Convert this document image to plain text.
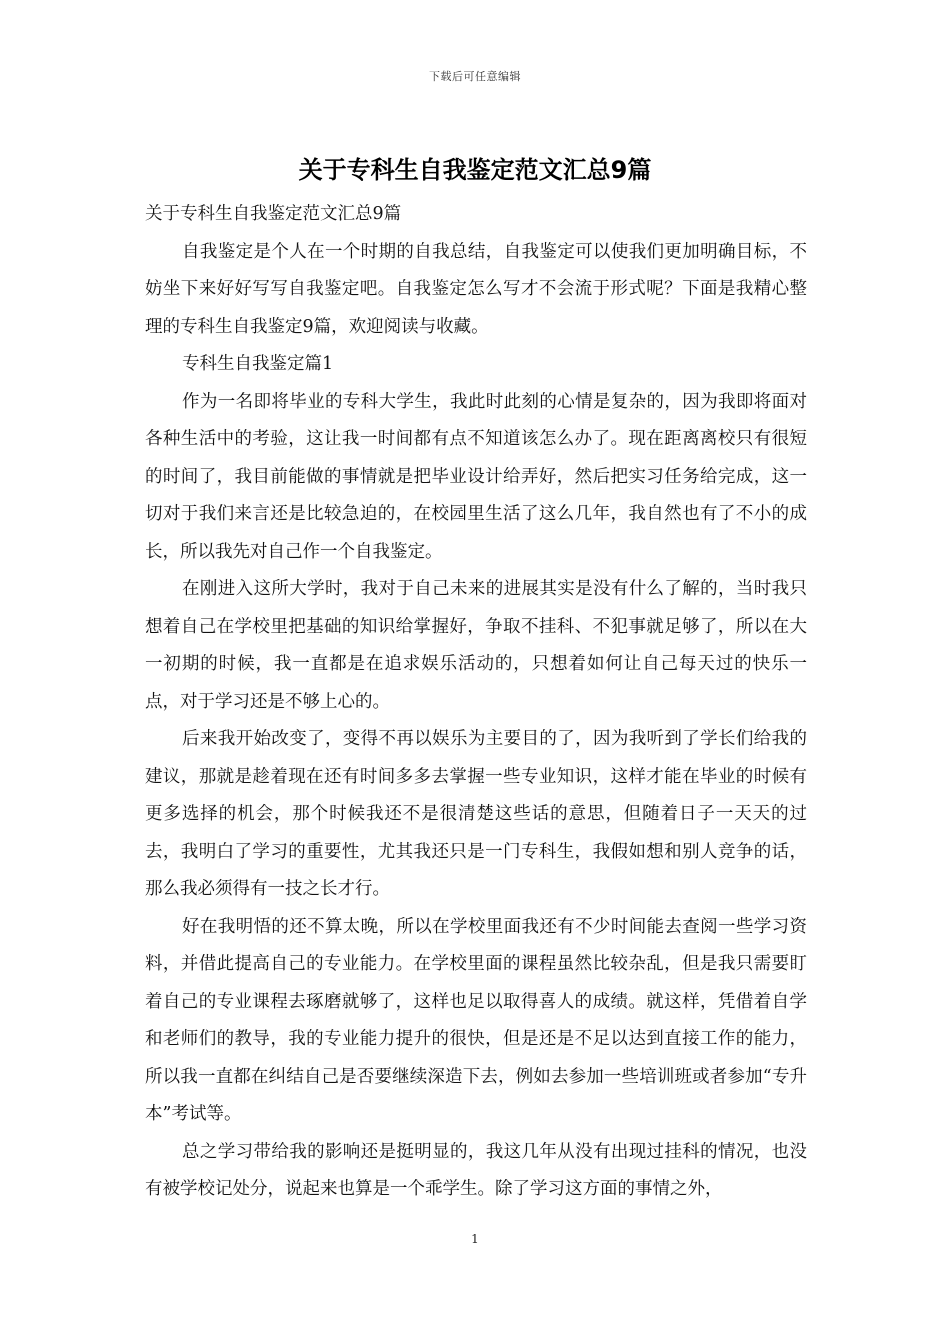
下载后可任意编辑
关于专科生自我鉴定范文汇总9篇

关于专科生自我鉴定范文汇总9篇

自我鉴定是个人在一个时期的自我总结，自我鉴定可以使我们更加明确目标，不妨坐下来好好写写自我鉴定吧。自我鉴定怎么写才不会流于形式呢？下面是我精心整理的专科生自我鉴定9篇，欢迎阅读与收藏。

专科生自我鉴定篇1

作为一名即将毕业的专科大学生，我此时此刻的心情是复杂的，因为我即将面对各种生活中的考验，这让我一时间都有点不知道该怎么办了。现在距离离校只有很短的时间了，我目前能做的事情就是把毕业设计给弄好，然后把实习任务给完成，这一切对于我们来言还是比较急迫的，在校园里生活了这么几年，我自然也有了不小的成长，所以我先对自己作一个自我鉴定。

在刚进入这所大学时，我对于自己未来的进展其实是没有什么了解的，当时我只想着自己在学校里把基础的知识给掌握好，争取不挂科、不犯事就足够了，所以在大一初期的时候，我一直都是在追求娱乐活动的，只想着如何让自己每天过的快乐一点，对于学习还是不够上心的。

后来我开始改变了，变得不再以娱乐为主要目的了，因为我听到了学长们给我的建议，那就是趁着现在还有时间多多去掌握一些专业知识，这样才能在毕业的时候有更多选择的机会，那个时候我还不是很清楚这些话的意思，但随着日子一天天的过去，我明白了学习的重要性，尤其我还只是一门专科生，我假如想和别人竞争的话，那么我必须得有一技之长才行。

好在我明悟的还不算太晚，所以在学校里面我还有不少时间能去查阅一些学习资料，并借此提高自己的专业能力。在学校里面的课程虽然比较杂乱，但是我只需要盯着自己的专业课程去琢磨就够了，这样也足以取得喜人的成绩。就这样，凭借着自学和老师们的教导，我的专业能力提升的很快，但是还是不足以达到直接工作的能力，所以我一直都在纠结自己是否要继续深造下去，例如去参加一些培训班或者参加“专升本”考试等。

总之学习带给我的影响还是挺明显的，我这几年从没有出现过挂科的情况，也没有被学校记处分，说起来也算是一个乖学生。除了学习这方面的事情之外，

1
